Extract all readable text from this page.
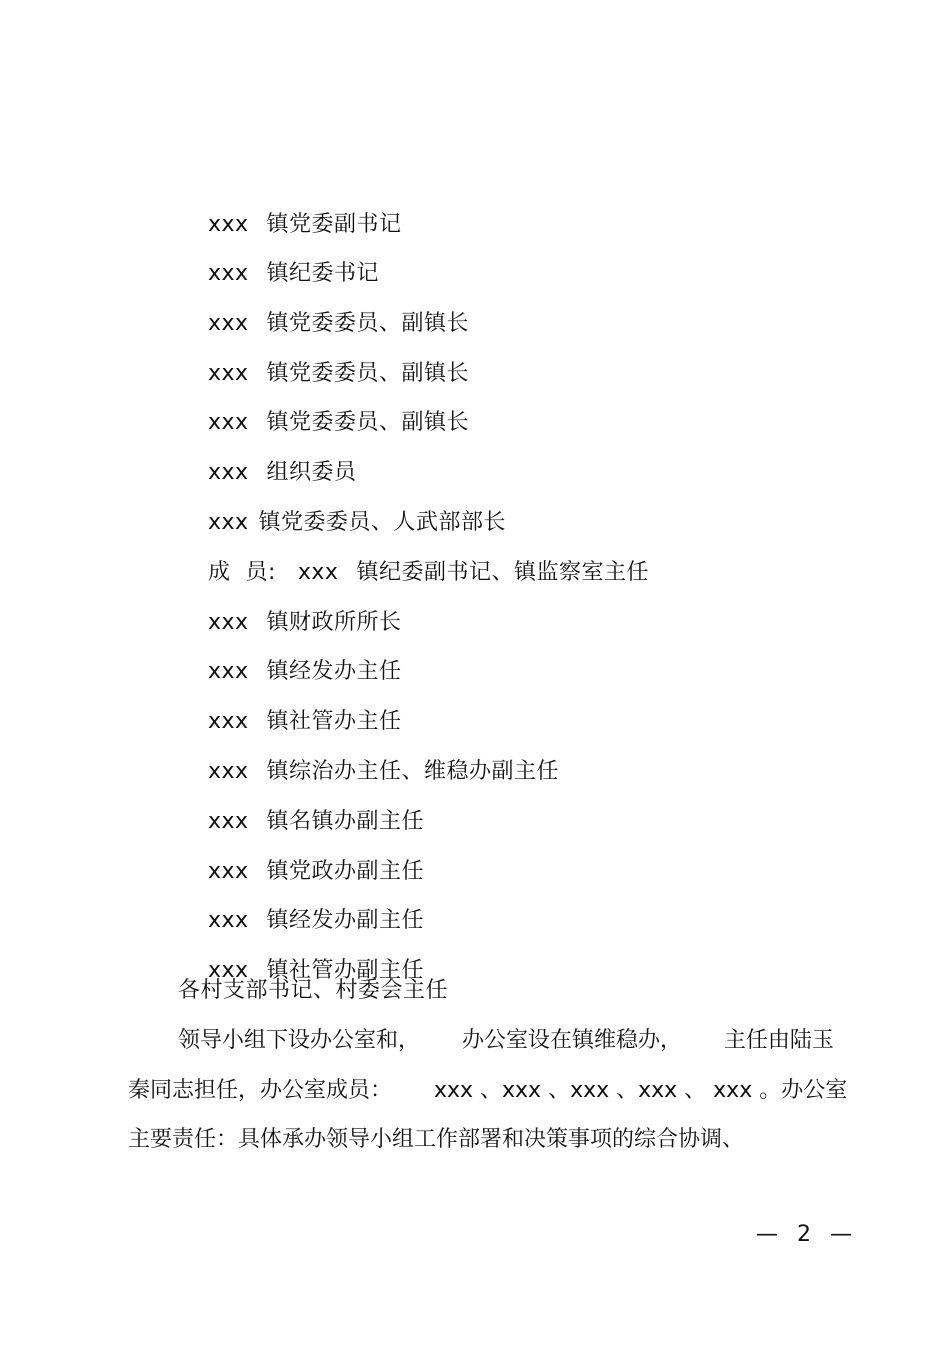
xxx 镇党委副书记

xxx 镇纪委书记

xxx 镇党委委员、副镇长

xxx 镇党委委员、副镇长

xxx 镇党委委员、副镇长

xxx 组织委员

xxx 镇党委委员、人武部部长

成  员: xxx 镇纪委副书记、镇监察室主任

xxx 镇财政所所长

xxx 镇经发办主任

xxx 镇社管办主任

xxx 镇综治办主任、维稳办副主任

xxx 镇名镇办副主任

xxx 镇党政办副主任

xxx 镇经发办副主任

xxx 镇社管办副主任

各村支部书记、村委会主任
领导小组下设办公室和，      办公室设在镇维稳办，      主任由陆玉
秦同志担任，办公室成员：      xxx 、xxx 、xxx 、xxx 、 xxx 。办公室
主要责任：具体承办领导小组工作部署和决策事项的综合协调、
— 2 —
